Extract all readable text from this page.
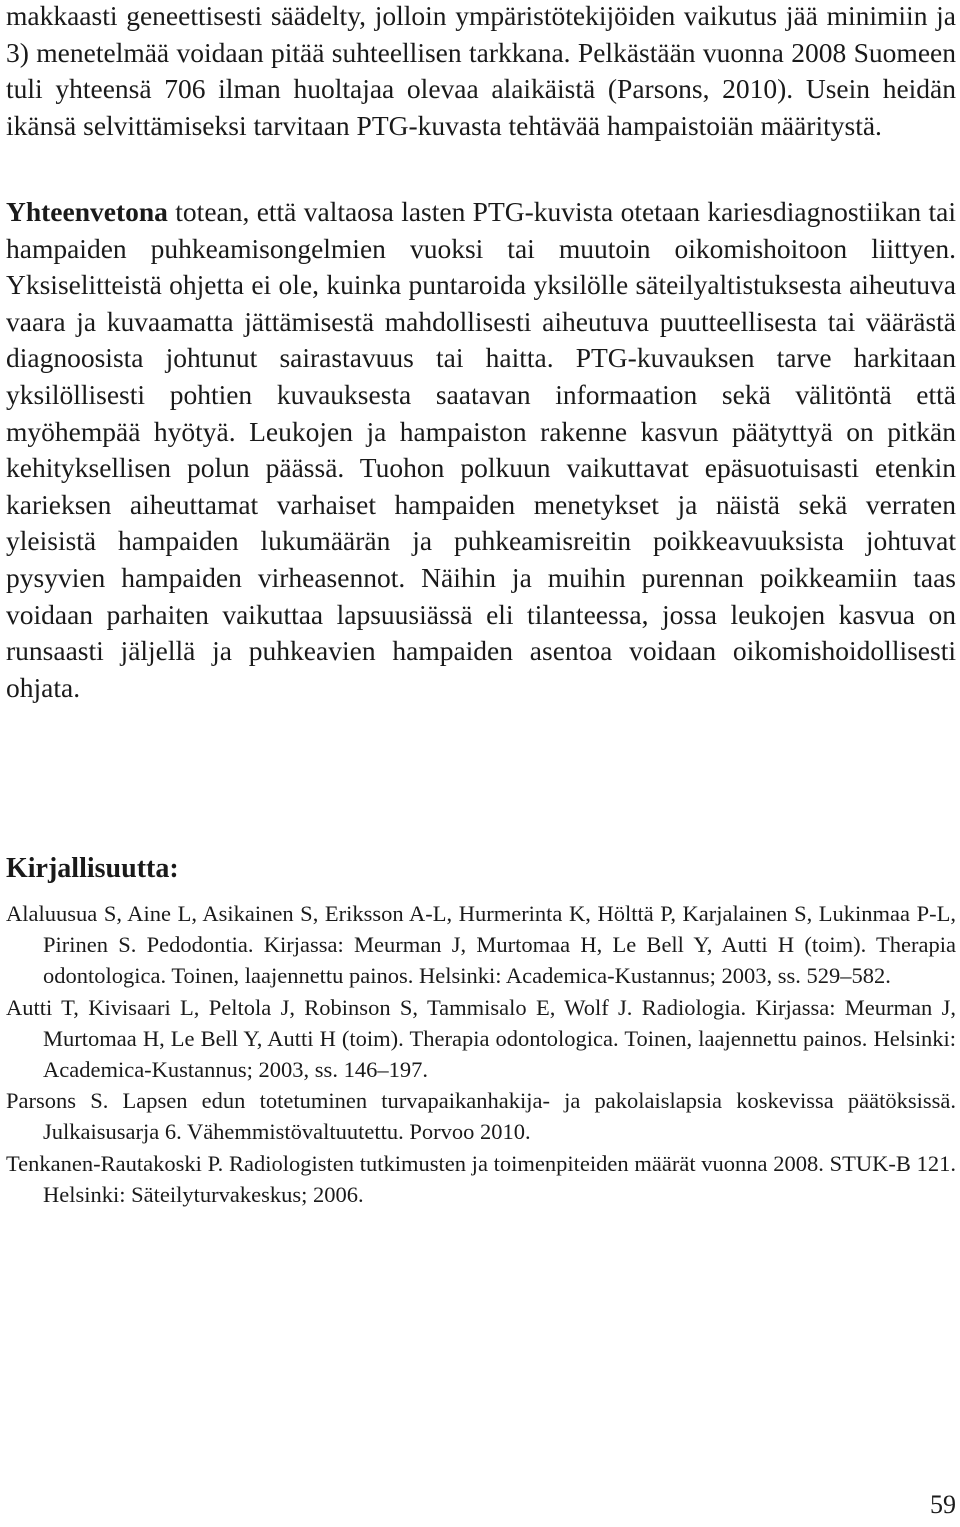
makkaasti geneettisesti säädelty, jolloin ympäristötekijöiden vaikutus jää minimiin ja 3) menetelmää voidaan pitää suhteellisen tarkkana. Pelkästään vuonna 2008 Suomeen tuli yhteensä 706 ilman huoltajaa olevaa alaikäistä (Parsons, 2010). Usein heidän ikänsä selvittämiseksi tarvitaan PTG-kuvasta tehtävää hampaistoiän määritystä.

Yhteenvetona totean, että valtaosa lasten PTG-kuvista otetaan kariesdiagnostiikan tai hampaiden puhkeamisongelmien vuoksi tai muutoin oikomishoitoon liittyen. Yksiselitteistä ohjetta ei ole, kuinka puntaroida yksilölle säteilyaltistuksesta aiheutuva vaara ja kuvaamatta jättämisestä mahdollisesti aiheutuva puutteellisesta tai väärästä diagnoosista johtunut sairastavuus tai haitta. PTG-kuvauksen tarve harkitaan yksilöllisesti pohtien kuvauksesta saatavan informaation sekä välitöntä että myöhempää hyötyä. Leukojen ja hampaiston rakenne kasvun päätyttyä on pitkän kehityksellisen polun päässä. Tuohon polkuun vaikuttavat epäsuotuisasti etenkin karieksen aiheuttamat varhaiset hampaiden menetykset ja näistä sekä verraten yleisistä hampaiden lukumäärän ja puhkeamisreitin poikkeavuuksista johtuvat pysyvien hampaiden virheasennot. Näihin ja muihin purennan poikkeamiin taas voidaan parhaiten vaikuttaa lapsuusiässä eli tilanteessa, jossa leukojen kasvua on runsaasti jäljellä ja puhkeavien hampaiden asentoa voidaan oikomishoidollisesti ohjata.

Kirjallisuutta:
Alaluusua S, Aine L, Asikainen S, Eriksson A-L, Hurmerinta K, Hölttä P, Karjalainen S, Lukinmaa P-L, Pirinen S. Pedodontia. Kirjassa: Meurman J, Murtomaa H, Le Bell Y, Autti H (toim). Therapia odontologica. Toinen, laajennettu painos. Helsinki: Academica-Kustannus; 2003, ss. 529–582.
Autti T, Kivisaari L, Peltola J, Robinson S, Tammisalo E, Wolf J. Radiologia. Kirjassa: Meurman J, Murtomaa H, Le Bell Y, Autti H (toim). Therapia odontologica. Toinen, laajennettu painos. Helsinki: Academica-Kustannus; 2003, ss. 146–197.
Parsons S. Lapsen edun totetuminen turvapaikanhakija- ja pakolaislapsia koskevissa päätöksissä. Julkaisusarja 6. Vähemmistövaltuutettu. Porvoo 2010.
Tenkanen-Rautakoski P. Radiologisten tutkimusten ja toimenpiteiden määrät vuonna 2008. STUK-B 121. Helsinki: Säteilyturvakeskus; 2006.

59
